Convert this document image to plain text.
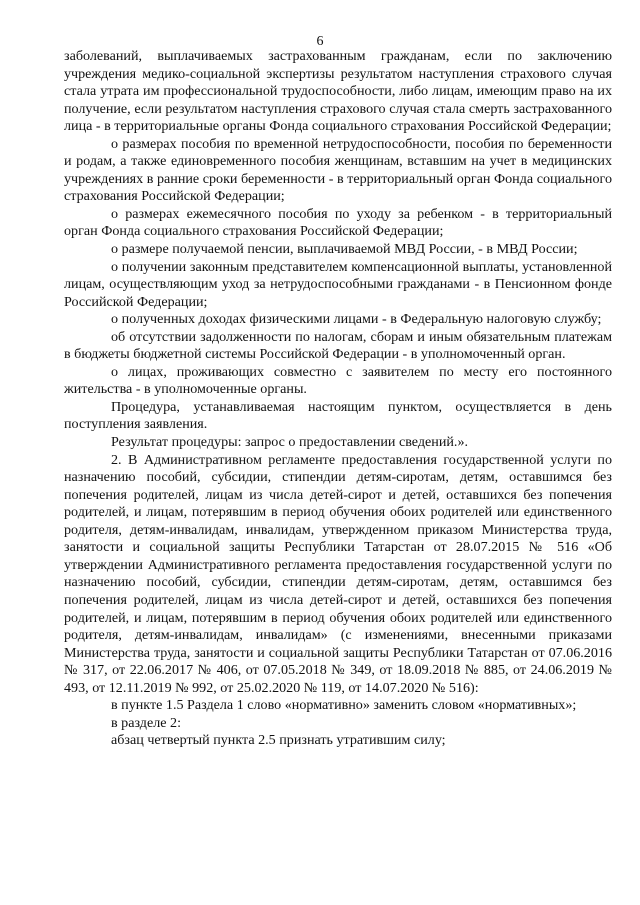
6

заболеваний, выплачиваемых застрахованным гражданам, если по заключению учреждения медико-социальной экспертизы результатом наступления страхового случая стала утрата им профессиональной трудоспособности, либо лицам, имеющим право на их получение, если результатом наступления страхового случая стала смерть застрахованного лица - в территориальные органы Фонда социального страхования Российской Федерации;

о размерах пособия по временной нетрудоспособности, пособия по беременности и родам, а также единовременного пособия женщинам, вставшим на учет в медицинских учреждениях в ранние сроки беременности - в территориальный орган Фонда социального страхования Российской Федерации;

о размерах ежемесячного пособия по уходу за ребенком - в территориальный орган Фонда социального страхования Российской Федерации;

о размере получаемой пенсии, выплачиваемой МВД России, - в МВД России;

о получении законным представителем компенсационной выплаты, установленной лицам, осуществляющим уход за нетрудоспособными гражданами - в Пенсионном фонде Российской Федерации;

о полученных доходах физическими лицами - в Федеральную налоговую службу;

об отсутствии задолженности по налогам, сборам и иным обязательным платежам в бюджеты бюджетной системы Российской Федерации - в уполномоченный орган.

о лицах, проживающих совместно с заявителем по месту его постоянного жительства - в уполномоченные органы.

Процедура, устанавливаемая настоящим пунктом, осуществляется в день поступления заявления.

Результат процедуры: запрос о предоставлении сведений.».

2. В Административном регламенте предоставления государственной услуги по назначению пособий, субсидии, стипендии детям-сиротам, детям, оставшимся без попечения родителей, лицам из числа детей-сирот и детей, оставшихся без попечения родителей, и лицам, потерявшим в период обучения обоих родителей или единственного родителя, детям-инвалидам, инвалидам, утвержденном приказом Министерства труда, занятости и социальной защиты Республики Татарстан от 28.07.2015 № 516 «Об утверждении Административного регламента предоставления государственной услуги по назначению пособий, субсидии, стипендии детям-сиротам, детям, оставшимся без попечения родителей, лицам из числа детей-сирот и детей, оставшихся без попечения родителей, и лицам, потерявшим в период обучения обоих родителей или единственного родителя, детям-инвалидам, инвалидам» (с изменениями, внесенными приказами Министерства труда, занятости и социальной защиты Республики Татарстан от 07.06.2016 № 317, от 22.06.2017 № 406, от 07.05.2018 № 349, от 18.09.2018 № 885, от 24.06.2019 № 493, от 12.11.2019 № 992, от 25.02.2020 № 119, от 14.07.2020 № 516):

в пункте 1.5 Раздела 1 слово «нормативно» заменить словом «нормативных»;

в разделе 2:

абзац четвертый пункта 2.5 признать утратившим силу;
